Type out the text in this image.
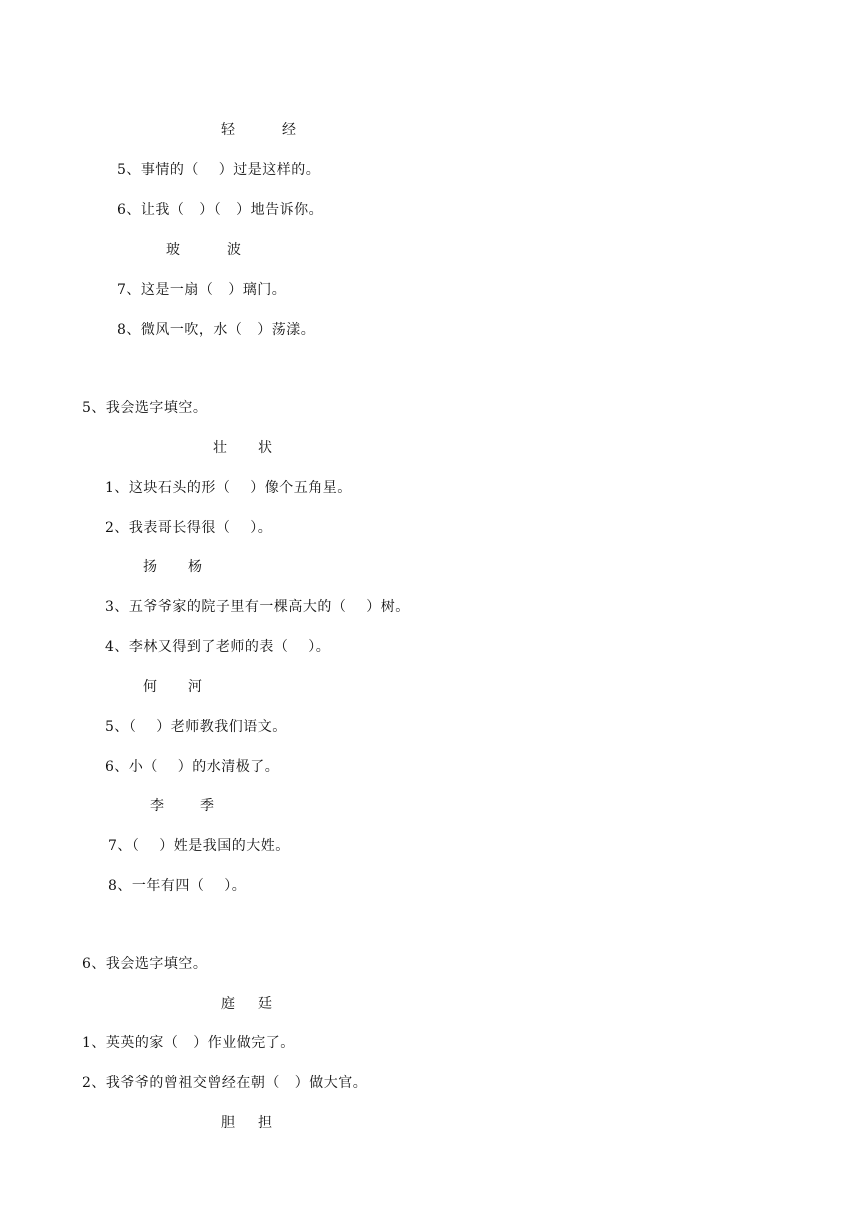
轻	经
5、事情的（    ）过是这样的。
6、让我（   ）（   ）地告诉你。
玻	波
7、这是一扇（   ）璃门。
8、微风一吹，水（   ）荡漾。
5、我会选字填空。
壮 状
1、这块石头的形（    ）像个五角星。
2、我表哥长得很（    ）。
扬 杨
3、五爷爷家的院子里有一棵高大的（    ）树。
4、李林又得到了老师的表（    ）。
何 河
5、（    ）老师教我们语文。
6、小（    ）的水清极了。
李	季
7、（    ）姓是我国的大姓。
8、一年有四（    ）。
6、我会选字填空。
庭 廷
1、英英的家（   ）作业做完了。
2、我爷爷的曾祖交曾经在朝（   ）做大官。
胆 担
